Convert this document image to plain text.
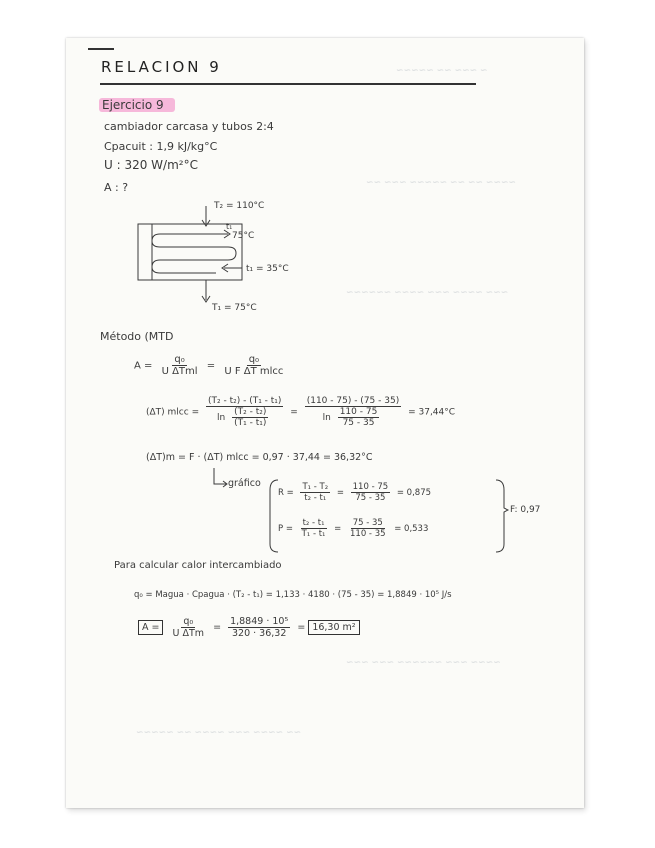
~ ~~~ ~~ ~~~~~
~~~~ ~~ ~~ ~~~~~ ~~~ ~~
~~~ ~~~~ ~~~ ~~~~ ~~~~~~
~~~~ ~~~ ~~~~~~ ~~~ ~~~
~~ ~~~~ ~~~ ~~~~ ~~ ~~~~~
RELACION 9
Ejercicio 9
cambiador carcasa y tubos 2:4
Cpacuit : 1,9 kJ/kg°C
U : 320 W/m²°C
A : ?
T₂ = 110°C
t₁
75°C
t₁ = 35°C
T₁ = 75°C
Método (MTD
$A = \frac{\text{q₀}}{\text{U ΔTml}} = \frac{\text{q₀}}{\text{U F ΔT mlcc}}$
(ΔT) mlcc = $\frac{\text{(T₂ - t₂) - (T₁ - t₁)}}{\ln \frac{\text{(T₂ - t₂)}}{\text{(T₁ - t₁)}}} = \frac{(110 - 75) - (75 - 35)}{\ln \frac{110 - 75}{75 - 35}} = 37,44^\circ C$
(ΔT)m = F · (ΔT) mlcc = 0,97 · 37,44 = 36,32°C
gráfico
$R = \frac{\text{T₁ - T₂}}{\text{t₂ - t₁}} = \frac{110 - 75}{75 - 35} = 0,875$
$P = \frac{\text{t₂ - t₁}}{\text{T₁ - t₁}} = \frac{75 - 35}{110 - 35} = 0,533$
F: 0,97
Para calcular calor intercambiado
q₀ = Magua · Cpagua · (T₂ - t₁) = 1,133 · 4180 · (75 - 35) = 1,8849 · 10⁵ J/s
$A = \frac{\text{q₀}}{\text{U ΔTm}} = \frac{\text{1,8849 · 10⁵}}{320 \cdot 36,32} = 16,30$ m²
